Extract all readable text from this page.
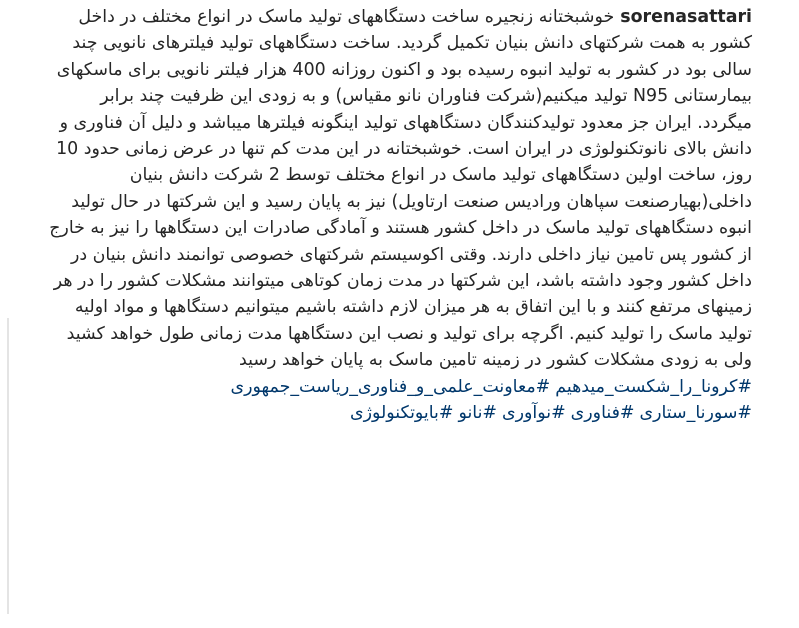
sorenasattariخوشبختانه زنجیره ساخت دستگاههای تولید ماسک در انواع مختلف در داخل کشور به همت شرکتهای دانش بنیان تکمیل گردید. ساخت دستگاههای تولید فیلترهای نانویی چند سالی بود در کشور به تولید انبوه رسیده بود و اکنون روزانه 400 هزار فیلتر نانویی برای ماسکهای بیمارستانی N95 تولید میکنیم(شرکت فناوران نانو مقیاس) و به زودی این ظرفیت چند برابر میگردد. ایران جز معدود تولیدکنندگان دستگاههای تولید اینگونه فیلترها میباشد و دلیل آن فناوری و دانش بالای نانوتکنولوژی در ایران است. خوشبختانه در این مدت کم تنها در عرض زمانی حدود 10 روز، ساخت اولین دستگاههای تولید ماسک در انواع مختلف توسط 2 شرکت دانش بنیان داخلی(بهیارصنعت سپاهان وراديس صنعت ارتاويل) نیز به پایان رسید و این شرکتها در حال تولید انبوه دستگاههای تولید ماسک در داخل کشور هستند و آمادگی صادرات این دستگاهها را نیز به خارج از کشور پس تامین نیاز داخلی دارند. وقتی اکوسیستم شرکتهای خصوصی توانمند دانش بنیان در داخل کشور وجود داشته باشد، این شرکتها در مدت زمان کوتاهی میتوانند مشکلات کشور را در هر زمینهای مرتفع کنند و با این اتفاق به هر میزان لازم داشته باشیم میتوانیم دستگاهها و مواد اولیه تولید ماسک را تولید کنیم. اگرچه برای تولید و نصب این دستگاهها مدت زمانی طول خواهد کشید ولی به زودی مشکلات کشور در زمینه تامین ماسک به پایان خواهد رسید

#کرونا_را_شکست_میدهیم#معاونت_علمی_و_فناوری_ریاست_جمهوری
#سورنا_ستاری#فناوری#نوآوری#نانو#بایوتکنولوژی
